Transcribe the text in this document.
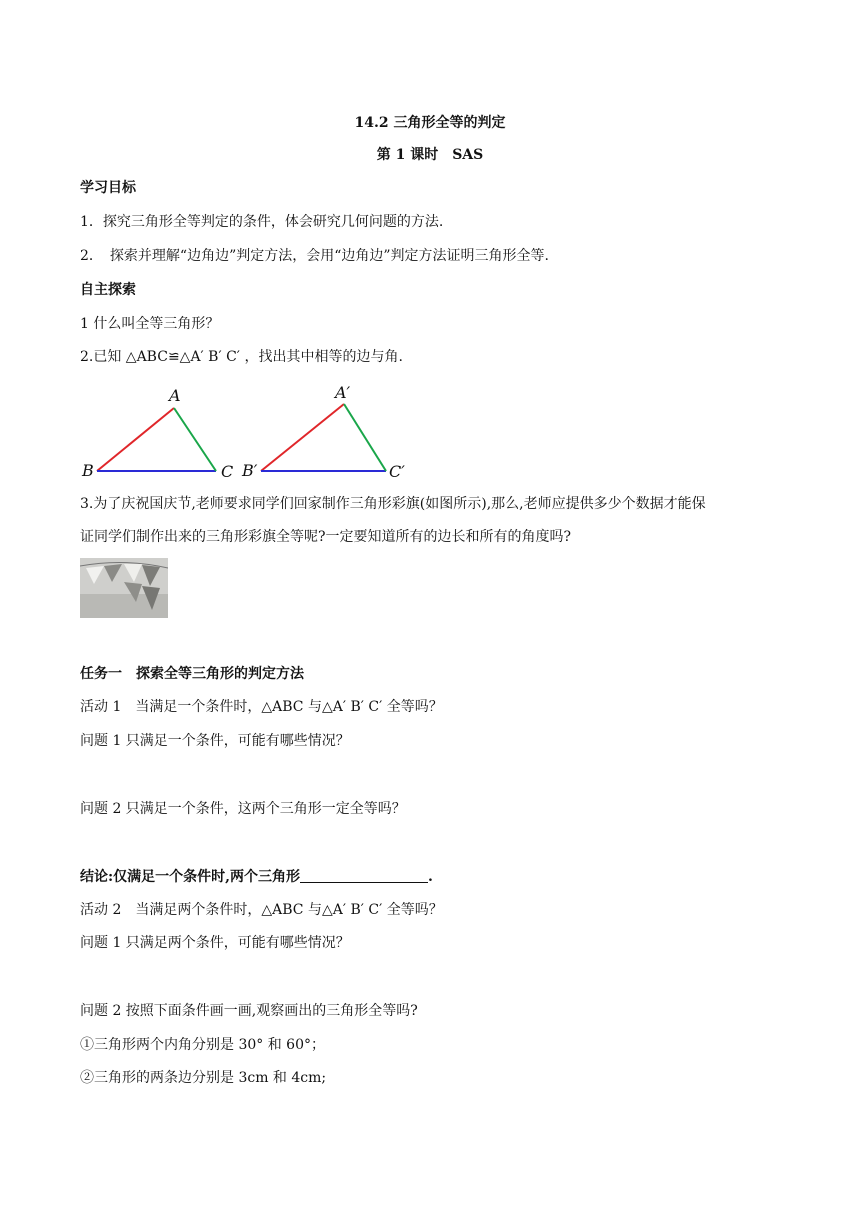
14.2 三角形全等的判定
第 1 课时　SAS
学习目标
1．探究三角形全等判定的条件，体会研究几何问题的方法.
2．　探索并理解“边角边”判定方法，会用“边角边”判定方法证明三角形全等.
自主探索
1 什么叫全等三角形？
2.已知 △ABC≌△A′ B′ C′ ，找出其中相等的边与角.
A
B	C
A′
B′	C′
3.为了庆祝国庆节,老师要求同学们回家制作三角形彩旗(如图所示),那么,老师应提供多少个数据才能保
证同学们制作出来的三角形彩旗全等呢?一定要知道所有的边长和所有的角度吗?
任务一　探索全等三角形的判定方法
活动 1　当满足一个条件时，△ABC 与△A′ B′ C′ 全等吗？
问题 1 只满足一个条件，可能有哪些情况？
问题 2 只满足一个条件，这两个三角形一定全等吗？
结论:仅满足一个条件时,两个三角形	.
活动 2　当满足两个条件时，△ABC 与△A′ B′ C′ 全等吗？
问题 1 只满足两个条件，可能有哪些情况？
问题 2 按照下面条件画一画,观察画出的三角形全等吗?
①三角形两个内角分别是 30° 和 60°；
②三角形的两条边分别是 3cm 和 4cm;
